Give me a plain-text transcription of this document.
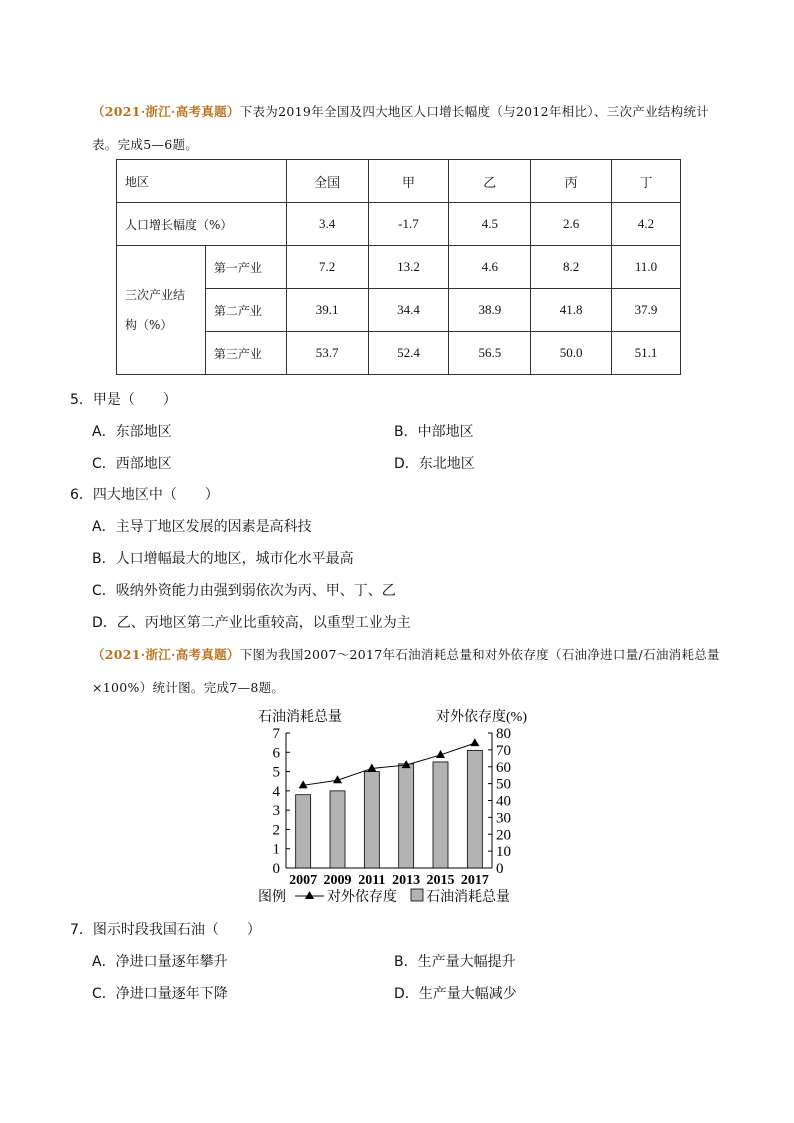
（2021·浙江·高考真题）下表为2019年全国及四大地区人口增长幅度（与2012年相比）、三次产业结构统计表。完成5—6题。
地区		全国	甲	乙	丙	丁
人口增长幅度（%）		3.4	-1.7	4.5	2.6	4.2
三次产业结
构（%）	第一产业	7.2	13.2	4.6	8.2	11.0
	第二产业	39.1	34.4	38.9	41.8	37.9
	第三产业	53.7	52.4	56.5	50.0	51.1
5．甲是（　　）
A．东部地区	B．中部地区
C．西部地区	D．东北地区
6．四大地区中（　　）
A．主导丁地区发展的因素是高科技
B．人口增幅最大的地区，城市化水平最高
C．吸纳外资能力由强到弱依次为丙、甲、丁、乙
D．乙、丙地区第二产业比重较高，以重型工业为主
（2021·浙江·高考真题）下图为我国2007～2017年石油消耗总量和对外依存度（石油净进口量/石油消耗总量×100%）统计图。完成7—8题。
石油消耗总量	对外依存度(%)
0
1
2
3
4
5
6
7
0
10
20
30
40
50
60
70
80
2007 2009 2011 2013 2015 2017
图例	对外依存度 石油消耗总量
7．图示时段我国石油（　　）
A．净进口量逐年攀升	B．生产量大幅提升
C．净进口量逐年下降	D．生产量大幅减少
